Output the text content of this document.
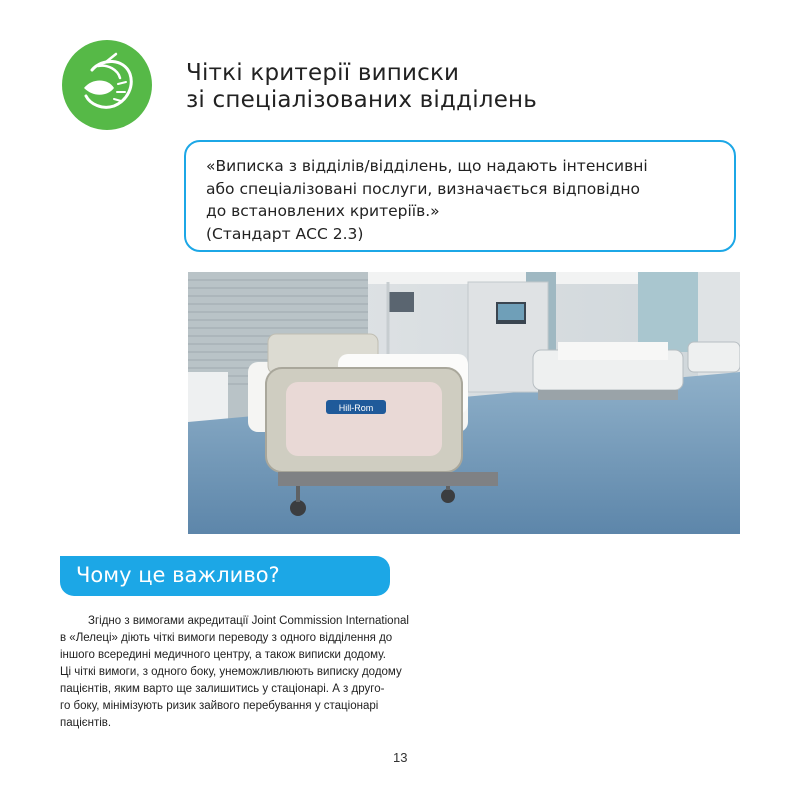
Чіткі критерії виписки
зі спеціалізованих відділень
«Виписка з відділів/відділень, що надають інтенсивні
або спеціалізовані послуги, визначається відповідно
до встановлених критеріїв.»
(Стандарт АСС 2.3)
Hill-Rom
Чому це важливо?
Згідно з вимогами акредитації Joint Commission International
в «Лелеці» діють чіткі вимоги переводу з одного відділення до
іншого всередині медичного центру, а також виписки додому.
Ці чіткі вимоги, з одного боку, унеможливлюють виписку додому
пацієнтів, яким варто ще залишитись у стаціонарі. А з друго-
го боку, мінімізують ризик зайвого перебування у стаціонарі
пацієнтів.
13
